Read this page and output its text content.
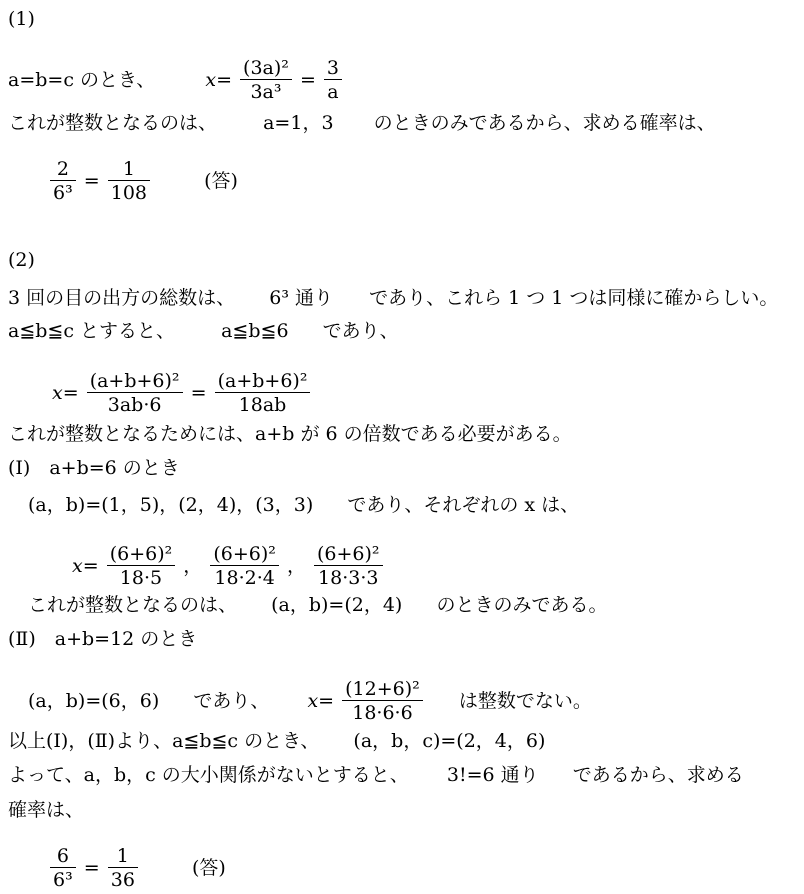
(1)
a=b=c のとき、	$x= \frac{\text{(3a)²}}{\text{3a³}} = \frac{3}{a}$
これが整数となるのは、 a=1，3 のときのみであるから、求める確率は、
$\frac{2}{\text{6³}} = \frac{1}{108}$	(答)
(2)
3 回の目の出方の総数は、 6³ 通り であり、これら 1 つ 1 つは同様に確からしい。
a≦b≦c とすると、 a≦b≦6 であり、
$x= \frac{\text{(a+b+6)²}}{3ab\cdot 6} = \frac{\text{(a+b+6)²}}{18ab}$
これが整数となるためには、a+b が 6 の倍数である必要がある。
(Ⅰ)　a+b=6 のとき
(a，b)=(1，5)，(2，4)，(3，3) であり、それぞれの x は、
$x= \frac{\text{(6+6)²}}{18\cdot 5}$ ， $\frac{\text{(6+6)²}}{18\cdot 2\cdot 4}$ ， $\frac{\text{(6+6)²}}{18\cdot 3\cdot 3}$
これが整数となるのは、 (a，b)=(2，4) のときのみである。
(Ⅱ)　a+b=12 のとき
(a，b)=(6，6) であり、 $x= \frac{\text{(12+6)²}}{18\cdot 6\cdot 6}$ は整数でない。
以上(Ⅰ)，(Ⅱ)より、a≦b≦c のとき、 (a，b，c)=(2，4，6)
よって、a，b，c の大小関係がないとすると、 3!=6 通り であるから、求める
確率は、
$\frac{6}{\text{6³}} = \frac{1}{36}$	(答)
